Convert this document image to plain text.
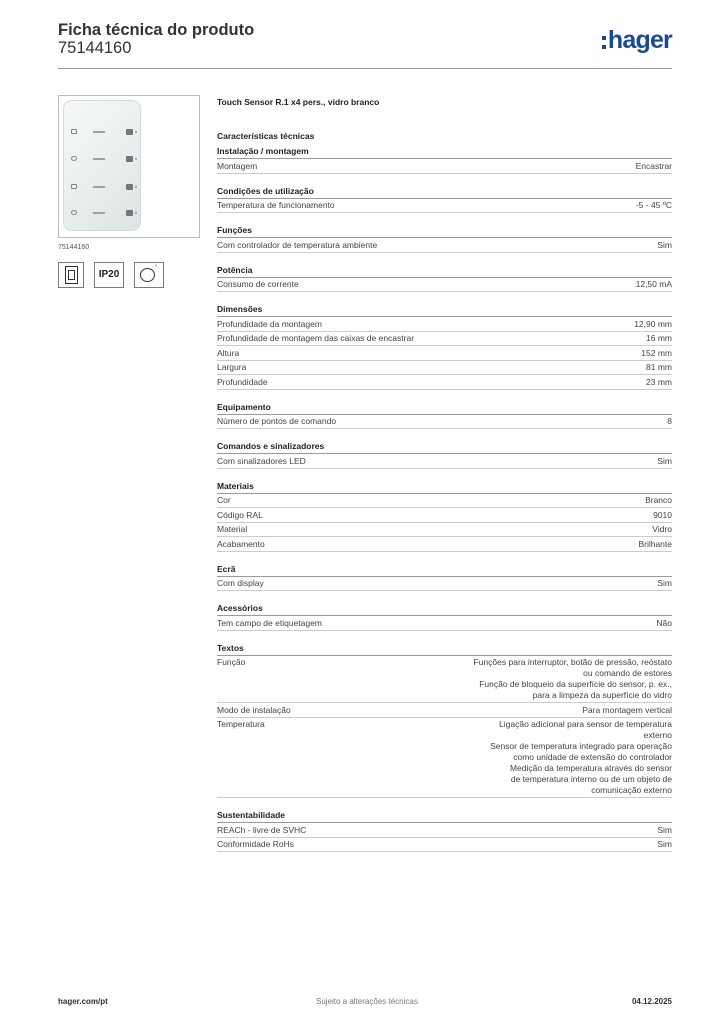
Ficha técnica do produto
75144160	hager
75144160
IP20
°
Touch Sensor R.1 x4 pers., vidro branco
Características técnicas
Instalação / montagem
Montagem	Encastrar
Condições de utilização
Temperatura de funcionamento	-5 - 45 ºC
Funções
Com controlador de temperatura ambiente	Sim
Potência
Consumo de corrente	12,50 mA
Dimensões
Profundidade da montagem	12,90 mm
Profundidade de montagem das caixas de encastrar	16 mm
Altura	152 mm
Largura	81 mm
Profundidade	23 mm
Equipamento
Número de pontos de comando	8
Comandos e sinalizadores
Com sinalizadores LED	Sim
Materiais
Cor	Branco
Código RAL	9010
Material	Vidro
Acabamento	Brilhante
Ecrã
Com display	Sim
Acessórios
Tem campo de etiquetagem	Não
Textos
Função	Funções para interruptor, botão de pressão, reóstato
ou comando de estores
Função de bloqueio da superfície do sensor, p. ex.,
para a limpeza da superfície do vidro
Modo de instalação	Para montagem vertical
Temperatura	Ligação adicional para sensor de temperatura
externo
Sensor de temperatura integrado para operação
como unidade de extensão do controlador
Medição da temperatura através do sensor
de temperatura interno ou de um objeto de
comunicação externo
Sustentabilidade
REACh - livre de SVHC	Sim
Conformidade RoHs	Sim
hager.com/pt	Sujeito a alterações técnicas	04.12.2025
